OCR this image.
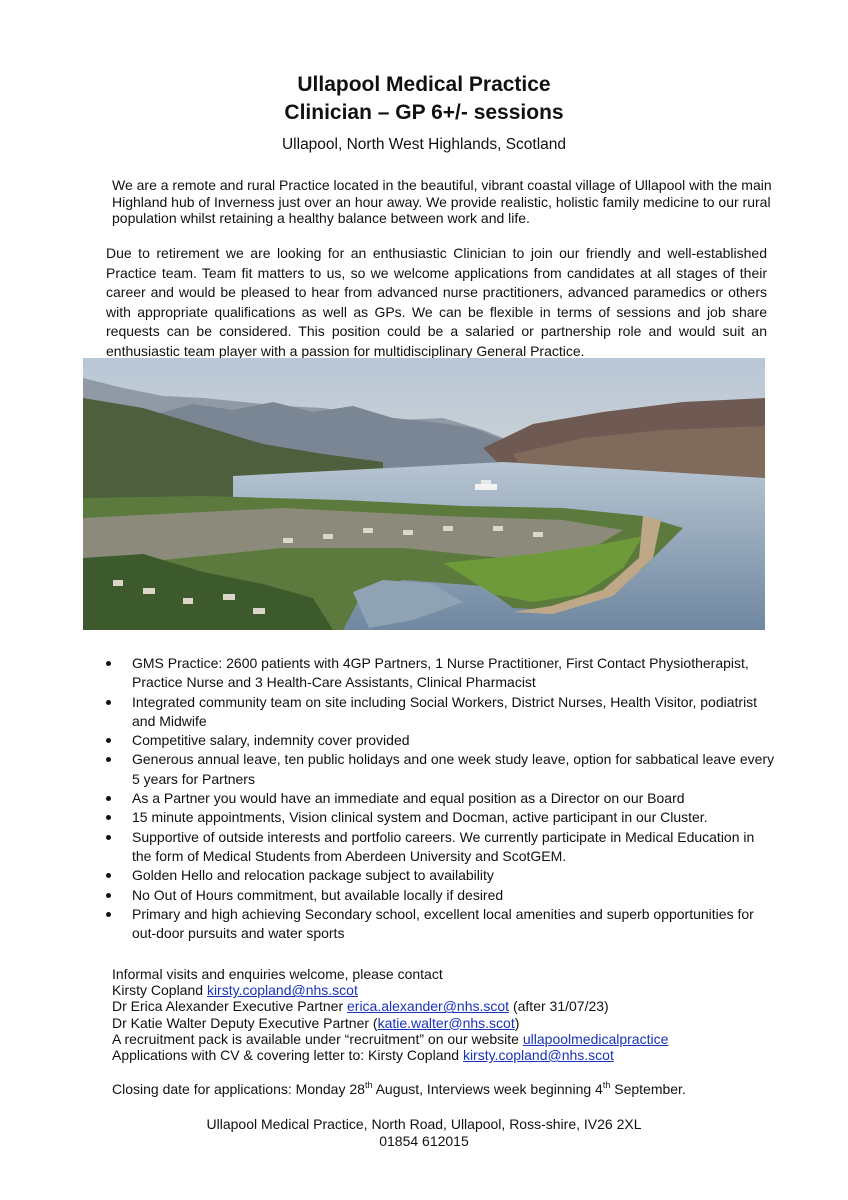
Ullapool Medical Practice
Clinician – GP 6+/- sessions
Ullapool, North West Highlands, Scotland
We are a remote and rural Practice located in the beautiful, vibrant coastal village of Ullapool with the main Highland hub of Inverness just over an hour away. We provide realistic, holistic family medicine to our rural population whilst retaining a healthy balance between work and life.
Due to retirement we are looking for an enthusiastic Clinician to join our friendly and well-established Practice team. Team fit matters to us, so we welcome applications from candidates at all stages of their career and would be pleased to hear from advanced nurse practitioners, advanced paramedics or others with appropriate qualifications as well as GPs. We can be flexible in terms of sessions and job share requests can be considered. This position could be a salaried or partnership role and would suit an enthusiastic team player with a passion for multidisciplinary General Practice.
GMS Practice: 2600 patients with 4GP Partners, 1 Nurse Practitioner, First Contact Physiotherapist, Practice Nurse and 3 Health-Care Assistants, Clinical Pharmacist
Integrated community team on site including Social Workers, District Nurses, Health Visitor, podiatrist and Midwife
Competitive salary, indemnity cover provided
Generous annual leave, ten public holidays and one week study leave, option for sabbatical leave every 5 years for Partners
As a Partner you would have an immediate and equal position as a Director on our Board
15 minute appointments, Vision clinical system and Docman, active participant in our Cluster.
Supportive of outside interests and portfolio careers. We currently participate in Medical Education in the form of Medical Students from Aberdeen University and ScotGEM.
Golden Hello and relocation package subject to availability
No Out of Hours commitment, but available locally if desired
Primary and high achieving Secondary school, excellent local amenities and superb opportunities for out-door pursuits and water sports
Informal visits and enquiries welcome, please contact
Kirsty Copland kirsty.copland@nhs.scot
Dr Erica Alexander Executive Partner erica.alexander@nhs.scot (after 31/07/23)
Dr Katie Walter Deputy Executive Partner (katie.walter@nhs.scot)
A recruitment pack is available under “recruitment” on our website ullapoolmedicalpractice
Applications with CV & covering letter to: Kirsty Copland kirsty.copland@nhs.scot
Closing date for applications: Monday 28th August, Interviews week beginning 4th September.
Ullapool Medical Practice, North Road, Ullapool, Ross-shire, IV26 2XL
01854 612015
